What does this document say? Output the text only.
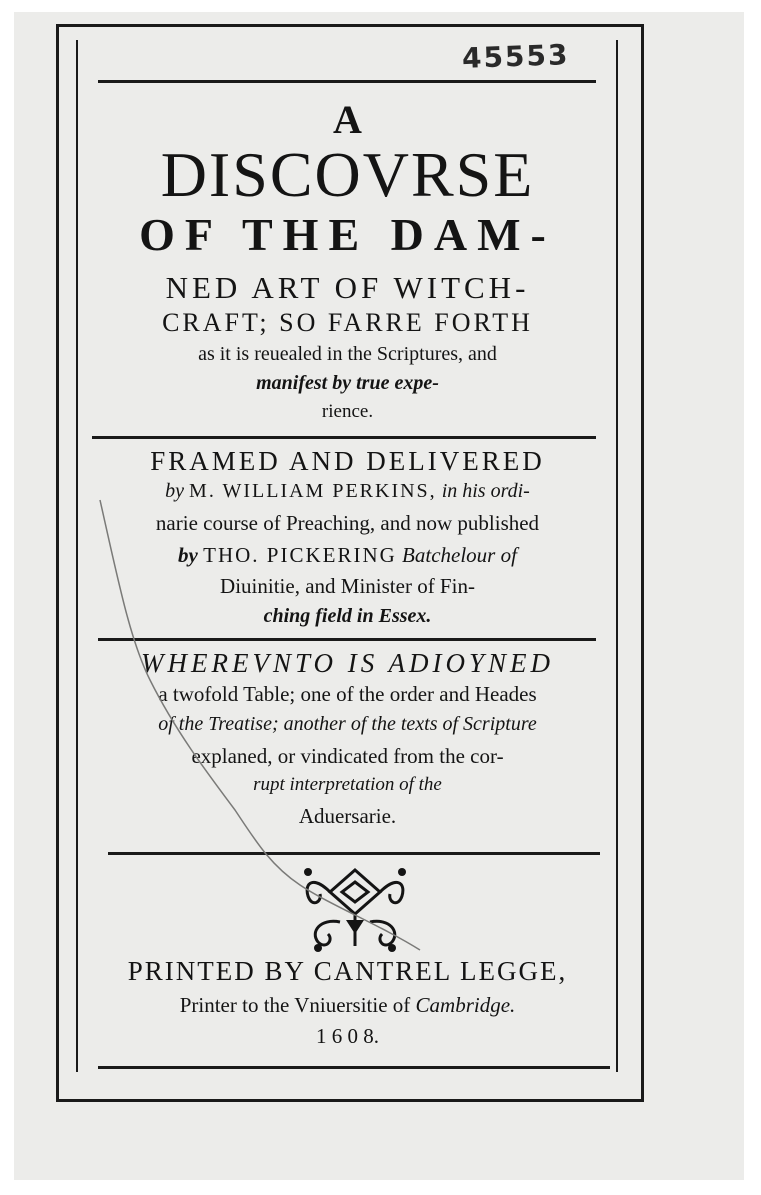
45553

A

DISCOVRSE

OF THE DAM-

NED ART OF WITCH-

CRAFT; SO FARRE FORTH

as it is reuealed in the Scriptures, and

manifest by true expe-

rience.

FRAMED AND DELIVERED

by M. WILLIAM PERKINS, in his ordi-

narie course of Preaching, and now published

by THO. PICKERING Batchelour of

Diuinitie, and Minister of Fin-

ching field in Essex.

WHEREVNTO IS ADIOYNED

a twofold Table; one of the order and Heades

of the Treatise; another of the texts of Scripture

explaned, or vindicated from the cor-

rupt interpretation of the

Aduersarie.

PRINTED BY CANTREL LEGGE,

Printer to the Vniuersitie of Cambridge.

1 6 0 8.
